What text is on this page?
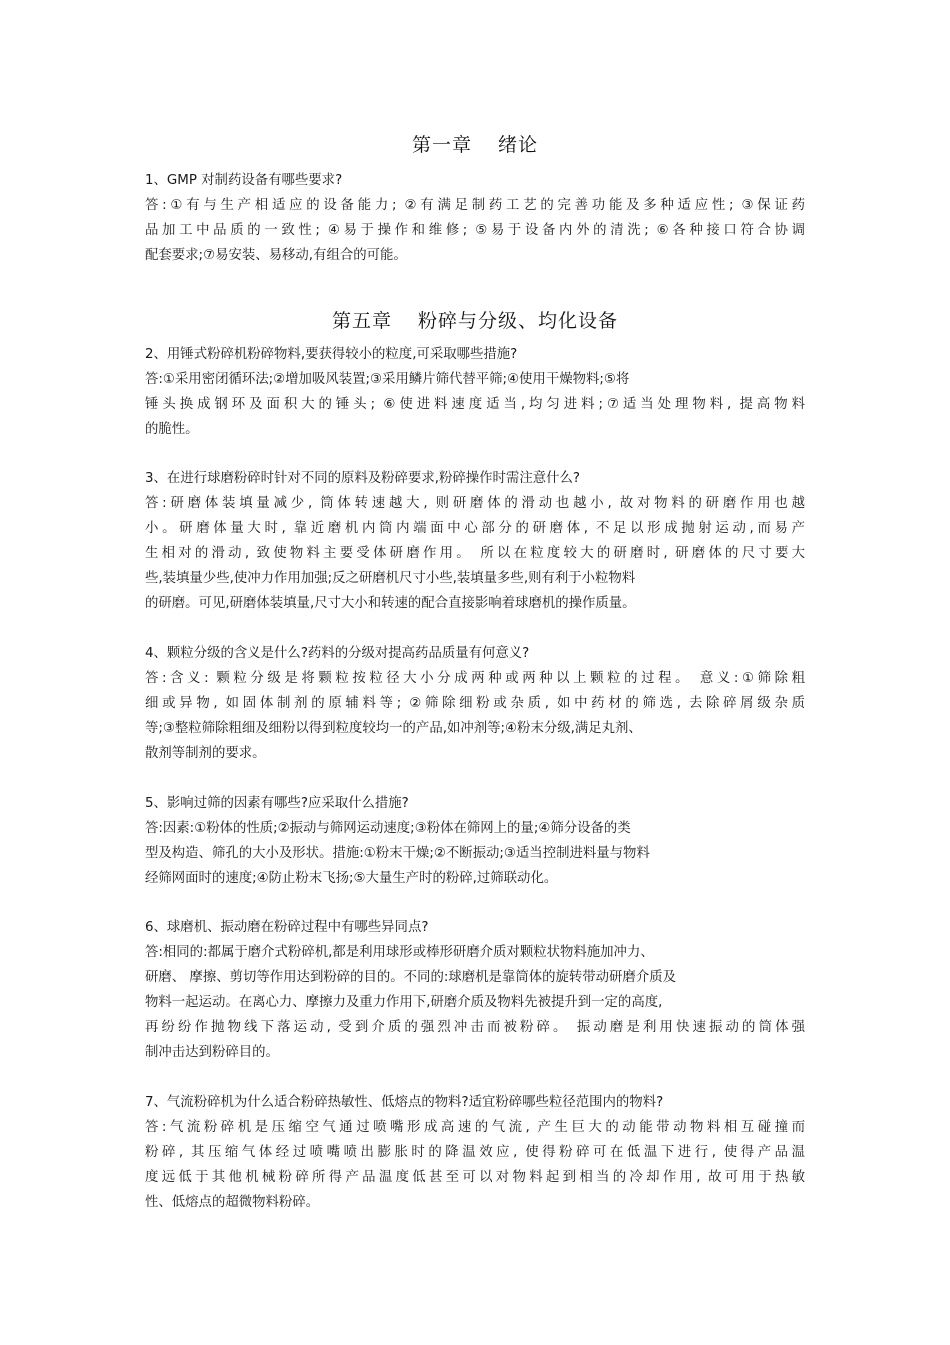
第一章 绪论
1、GMP 对制药设备有哪些要求?
答:①有与生产相适应的设备能力; ②有满足制药工艺的完善功能及多种适应性; ③保证药
品加工中品质的一致性; ④易于操作和维修; ⑤易于设备内外的清洗; ⑥各种接口符合协调
配套要求;⑦易安装、易移动,有组合的可能。
第五章 粉碎与分级、均化设备
2、用锤式粉碎机粉碎物料,要获得较小的粒度,可采取哪些措施?
答:①采用密闭循环法;②增加吸风装置;③采用鳞片筛代替平筛;④使用干燥物料;⑤将
锤头换成钢环及面积大的锤头; ⑥使进料速度适当,均匀进料;⑦适当处理物料, 提高物料
的脆性。
3、在进行球磨粉碎时针对不同的原料及粉碎要求,粉碎操作时需注意什么?
答:研磨体装填量减少, 筒体转速越大, 则研磨体的滑动也越小, 故对物料的研磨作用也越
小。研磨体量大时, 靠近磨机内筒内端面中心部分的研磨体, 不足以形成抛射运动,而易产
生相对的滑动, 致使物料主要受体研磨作用。 所以在粒度较大的研磨时, 研磨体的尺寸要大
些,装填量少些,使冲力作用加强;反之研磨机尺寸小些,装填量多些,则有利于小粒物料
的研磨。可见,研磨体装填量,尺寸大小和转速的配合直接影响着球磨机的操作质量。
4、颗粒分级的含义是什么?药料的分级对提高药品质量有何意义?
答:含义: 颗粒分级是将颗粒按粒径大小分成两种或两种以上颗粒的过程。 意义:①筛除粗
细或异物, 如固体制剂的原辅料等; ②筛除细粉或杂质, 如中药材的筛选, 去除碎屑级杂质
等;③整粒筛除粗细及细粉以得到粒度较均一的产品,如冲剂等;④粉末分级,满足丸剂、
散剂等制剂的要求。
5、影响过筛的因素有哪些?应采取什么措施?
答:因素:①粉体的性质;②振动与筛网运动速度;③粉体在筛网上的量;④筛分设备的类
型及构造、筛孔的大小及形状。措施:①粉末干燥;②不断振动;③适当控制进料量与物料
经筛网面时的速度;④防止粉末飞扬;⑤大量生产时的粉碎,过筛联动化。
6、球磨机、振动磨在粉碎过程中有哪些异同点?
答:相同的:都属于磨介式粉碎机,都是利用球形或棒形研磨介质对颗粒状物料施加冲力、
研磨、 摩擦、剪切等作用达到粉碎的目的。不同的:球磨机是靠筒体的旋转带动研磨介质及
物料一起运动。在离心力、摩擦力及重力作用下,研磨介质及物料先被提升到一定的高度,
再纷纷作抛物线下落运动, 受到介质的强烈冲击而被粉碎。 振动磨是利用快速振动的筒体强
制冲击达到粉碎目的。
7、气流粉碎机为什么适合粉碎热敏性、低熔点的物料?适宜粉碎哪些粒径范围内的物料?
答:气流粉碎机是压缩空气通过喷嘴形成高速的气流, 产生巨大的动能带动物料相互碰撞而
粉碎, 其压缩气体经过喷嘴喷出膨胀时的降温效应, 使得粉碎可在低温下进行, 使得产品温
度远低于其他机械粉碎所得产品温度低甚至可以对物料起到相当的冷却作用, 故可用于热敏
性、低熔点的超微物料粉碎。
